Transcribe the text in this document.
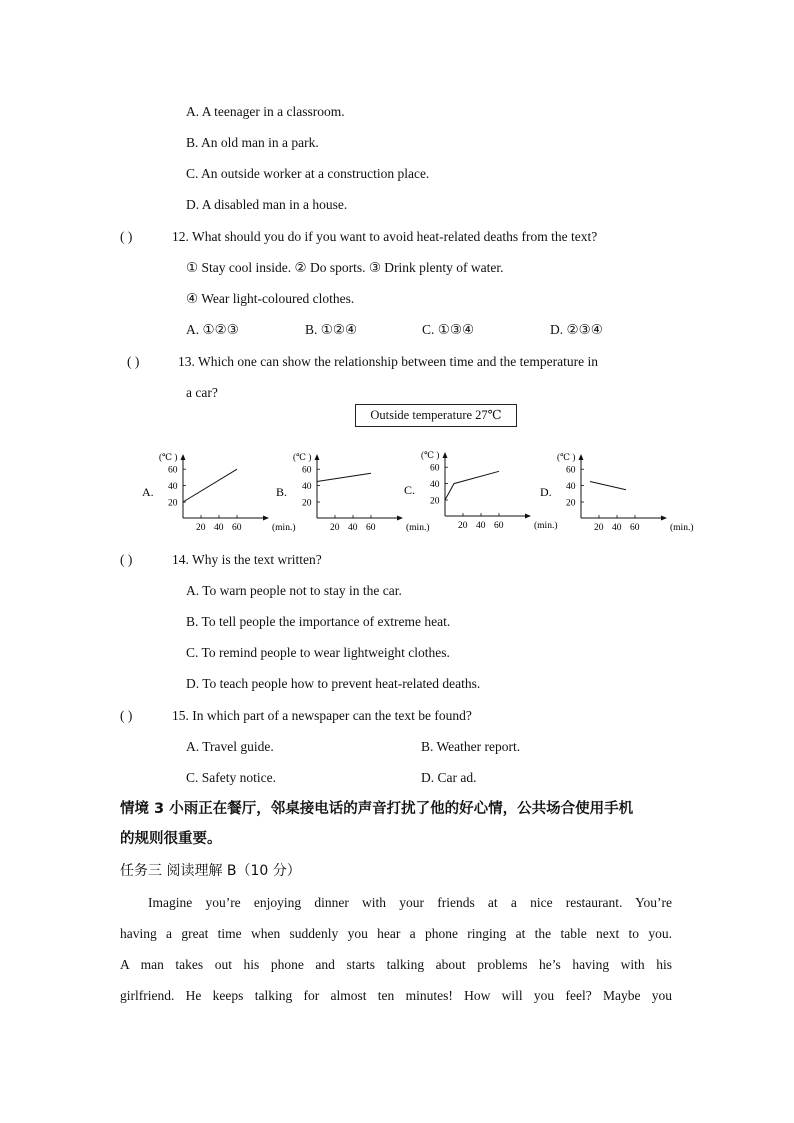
A. A teenager in a classroom.
B. An old man in a park.
C. An outside worker at a construction place.
D. A disabled man in a house.
( )	12. What should you do if you want to avoid heat-related deaths from the text?
① Stay cool inside. ② Do sports. ③ Drink plenty of water.
④ Wear light-coloured clothes.
A. ①②③	B. ①②④	C. ①③④	D. ②③④
( )	13. Which one can show the relationship between time and the temperature in
a car?
Outside temperature 27℃
A.
(℃ )
(min.)
20
40
60
20 40 60
B.
(℃ )
(min.)
20
40
60
20 40 60
C.
(℃ )
(min.)
20
40
60
20 40 60
D.
(℃ )
(min.)
20
40
60
20 40 60
( )	14. Why is the text written?
A. To warn people not to stay in the car.
B. To tell people the importance of extreme heat.
C. To remind people to wear lightweight clothes.
D. To teach people how to prevent heat-related deaths.
( )	15. In which part of a newspaper can the text be found?
A. Travel guide.	B. Weather report.
C. Safety notice.	D. Car ad.
情境 3 小雨正在餐厅，邻桌接电话的声音打扰了他的好心情，公共场合使用手机
的规则很重要。
任务三 阅读理解 B（10 分）
Imagine you’re enjoying dinner with your friends at a nice restaurant. You’re
having a great time when suddenly you hear a phone ringing at the table next to you.
A man takes out his phone and starts talking about problems he’s having with his
girlfriend. He keeps talking for almost ten minutes! How will you feel? Maybe you
